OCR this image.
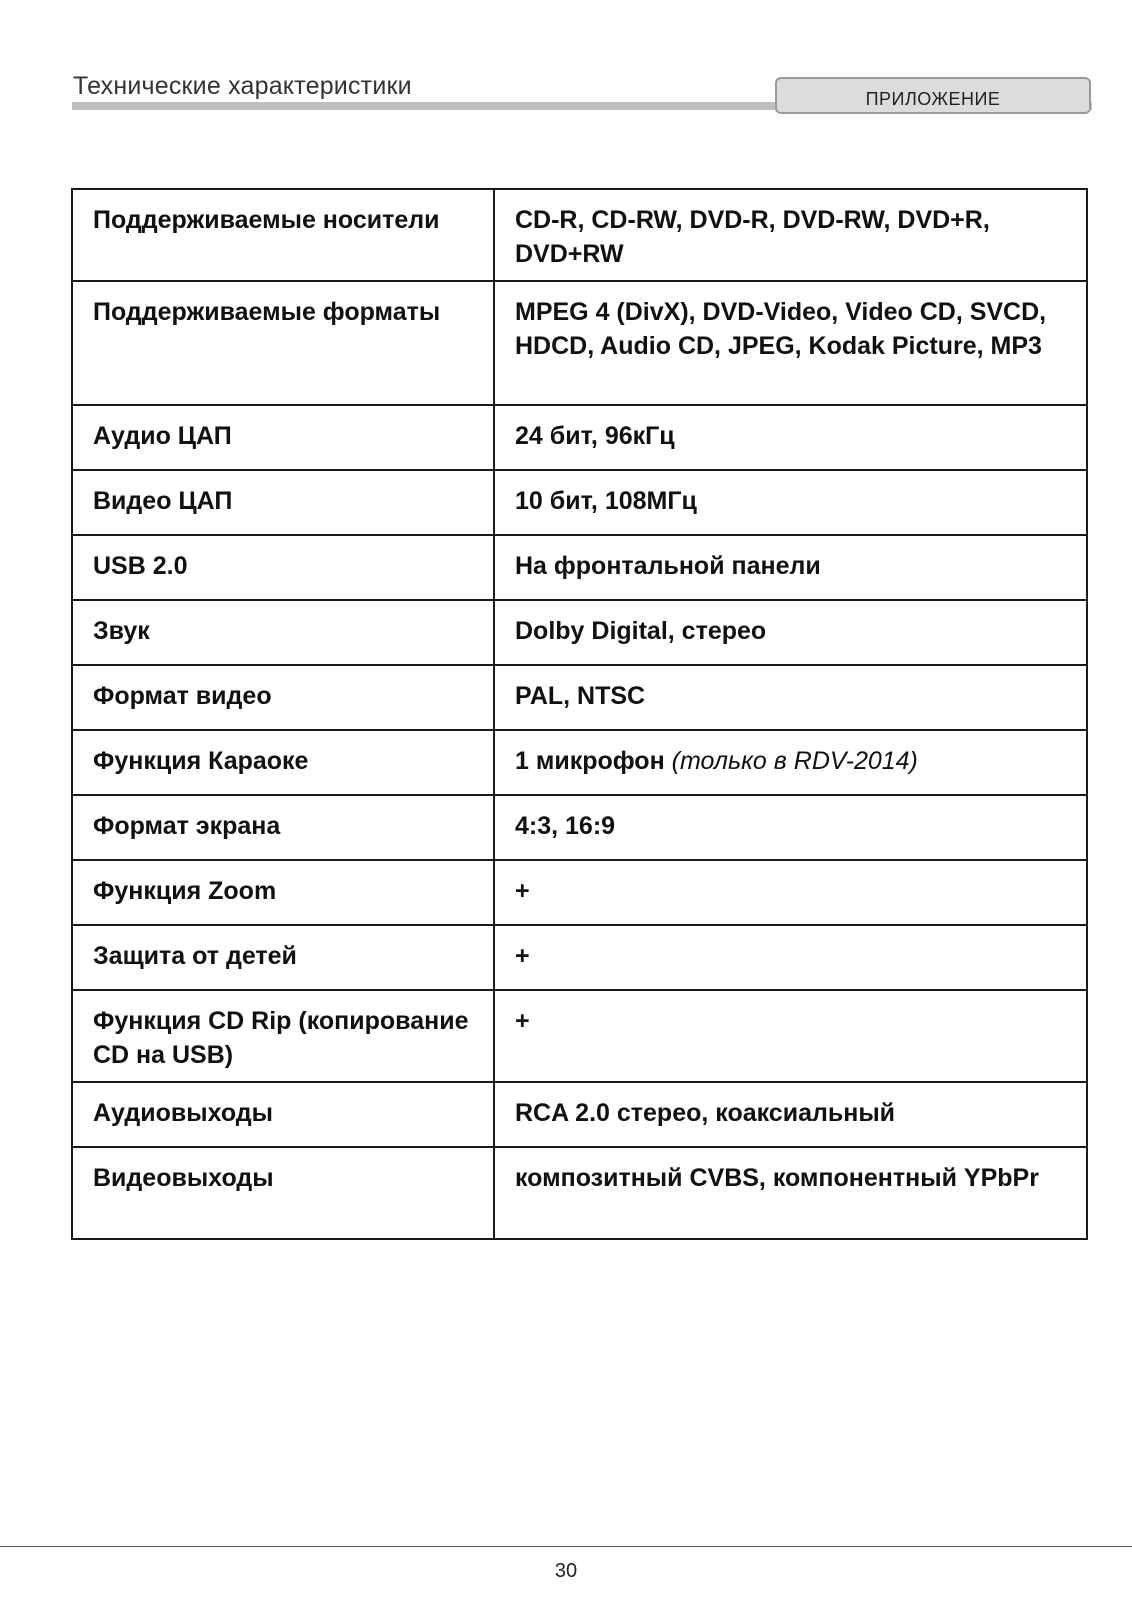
Технические характеристики	ПРИЛОЖЕНИЕ
Поддерживаемые носители	CD-R, CD-RW, DVD-R, DVD-RW, DVD+R, DVD+RW
Поддерживаемые форматы	MPEG 4 (DivX), DVD-Video, Video CD, SVCD, HDCD, Audio CD, JPEG, Kodak Picture, MP3
Аудио ЦАП	24 бит, 96кГц
Видео ЦАП	10 бит, 108МГц
USB 2.0	На фронтальной панели
Звук	Dolby Digital, стерео
Формат видео	PAL, NTSC
Функция Караоке	1 микрофон (только в RDV-2014)
Формат экрана	4:3, 16:9
Функция Zoom	+
Защита от детей	+
Функция CD Rip (копирование CD на USB)	+
Аудиовыходы	RCA 2.0 стерео, коаксиальный
Видеовыходы	композитный CVBS, компонентный YPbPr
30
